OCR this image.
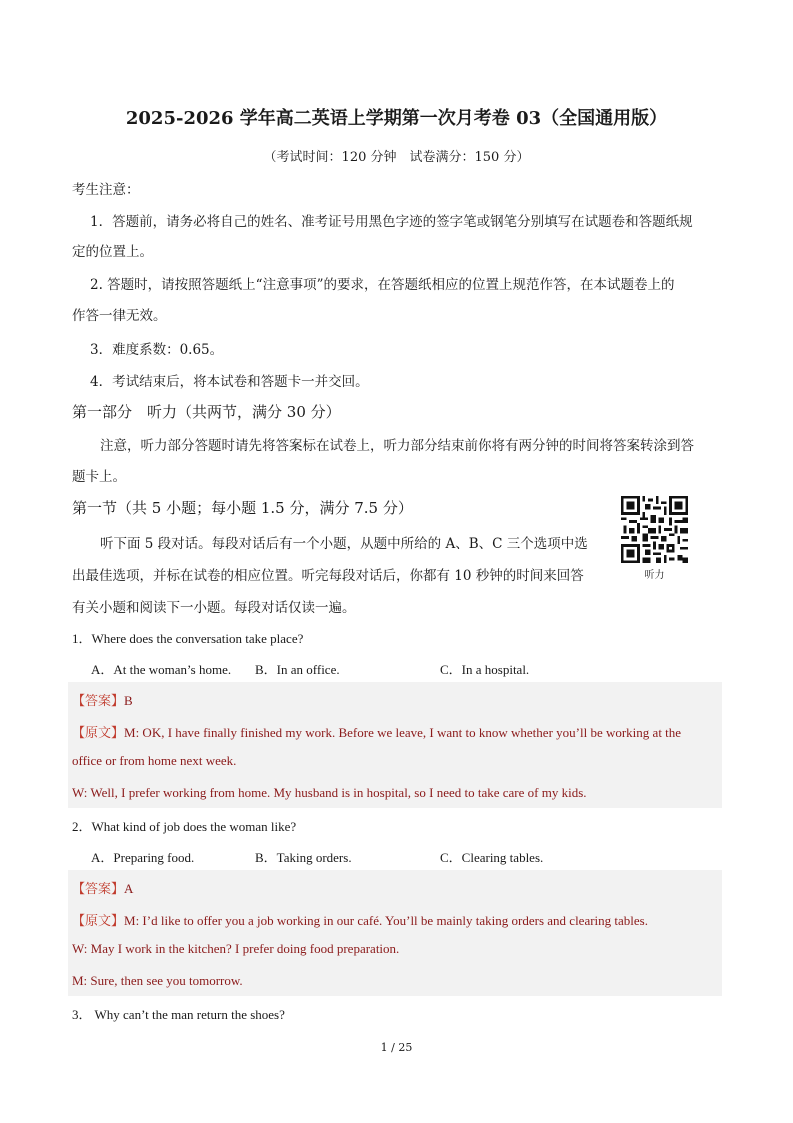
2025-2026 学年高二英语上学期第一次月考卷 03（全国通用版）
（考试时间：120 分钟　试卷满分：150 分）
考生注意：
1．答题前，请务必将自己的姓名、准考证号用黑色字迹的签字笔或钢笔分别填写在试题卷和答题纸规
定的位置上。
2. 答题时，请按照答题纸上“注意事项”的要求，在答题纸相应的位置上规范作答，在本试题卷上的
作答一律无效。
3．难度系数：0.65。
4．考试结束后，将本试卷和答题卡一并交回。
第一部分　听力（共两节，满分 30 分）
注意，听力部分答题时请先将答案标在试卷上，听力部分结束前你将有两分钟的时间将答案转涂到答
题卡上。
第一节（共 5 小题；每小题 1.5 分，满分 7.5 分）
听下面 5 段对话。每段对话后有一个小题，从题中所给的 A、B、C 三个选项中选
出最佳选项，并标在试卷的相应位置。听完每段对话后，你都有 10 秒钟的时间来回答
有关小题和阅读下一小题。每段对话仅读一遍。
听力
1．Where does the conversation take place?
A．At the woman’s home. B．In an office.	C．In a hospital.
【答案】B
【原文】M: OK, I have finally finished my work. Before we leave, I want to know whether you’ll be working at the
office or from home next week.
W: Well, I prefer working from home. My husband is in hospital, so I need to take care of my kids.
2．What kind of job does the woman like?
A．Preparing food.	B．Taking orders.	C．Clearing tables.
【答案】A
【原文】M: I’d like to offer you a job working in our café. You’ll be mainly taking orders and clearing tables.
W: May I work in the kitchen? I prefer doing food preparation.
M: Sure, then see you tomorrow.
3． Why can’t the man return the shoes?
1 / 25
